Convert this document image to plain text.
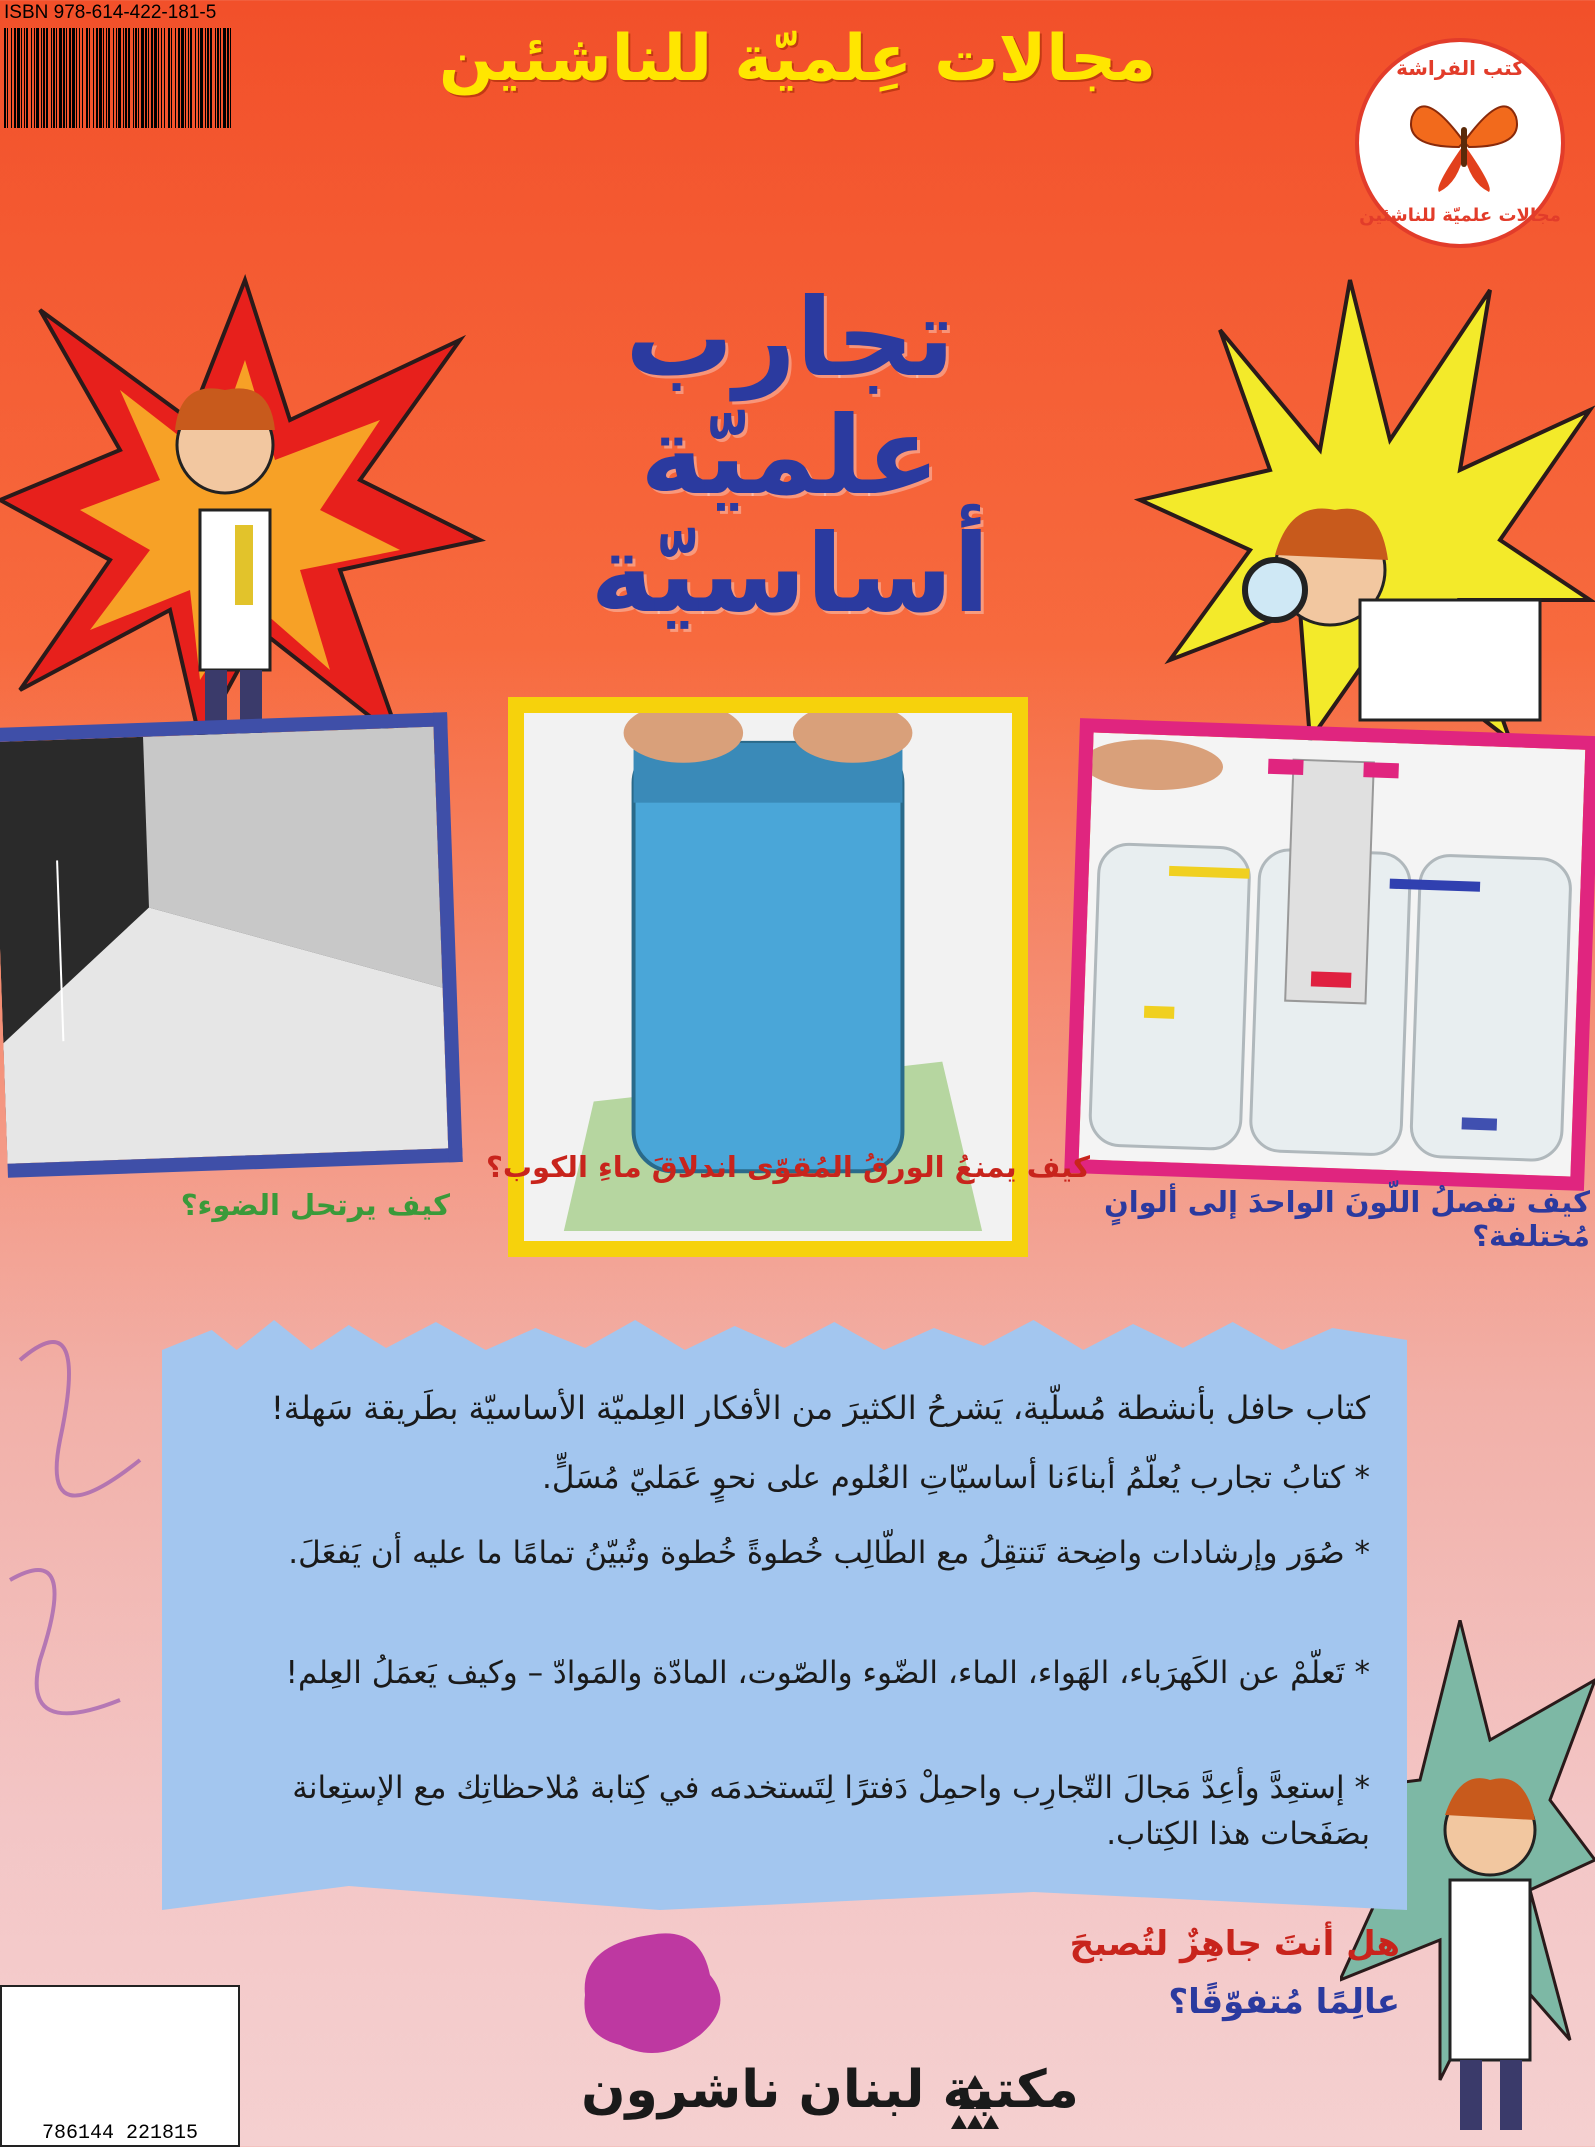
مجالات عِلميّة للناشئين	كتب الفراشة
مجالات علميّة للناشئين
تجارب
علميّة
أساسيّة
كيف يرتحل الضوء؟
كيف يمنعُ الورقُ المُقوّى اندلاقَ ماءِ الكوب؟
كيف تفصلُ اللّونَ الواحدَ إلى ألوانٍ مُختلفة؟
كتاب حافل بأنشطة مُسلّية، يَشرحُ الكثيرَ من الأفكار العِلميّة الأساسيّة بطَريقة سَهلة!
* كتابُ تجارب يُعلّمُ أبناءَنا أساسيّاتِ العُلوم على نحوٍ عَمَليّ مُسَلٍّ.
* صُوَر وإرشادات واضِحة تَنتقِلُ مع الطّالِب خُطوةً خُطوة وتُبيّنُ تمامًا ما عليه أن يَفعَلَ.
* تَعلّمْ عن الكَهرَباء، الهَواء، الماء، الضّوء والصّوت، المادّة والمَوادّ – وكيف يَعمَلُ العِلم!
* إستعِدَّ وأعِدَّ مَجالَ التّجارِب واحمِلْ دَفترًا لِتَستخدمَه في كِتابة مُلاحظاتِك مع الإستِعانة بصَفَحات هذا الكِتاب.
هل أنتَ جاهِزٌ لتُصبحَ
عالِمًا مُتفوّقًا؟
ISBN 978-614-422-181-5
786144 221815
مكتبة لبنان ناشرون
